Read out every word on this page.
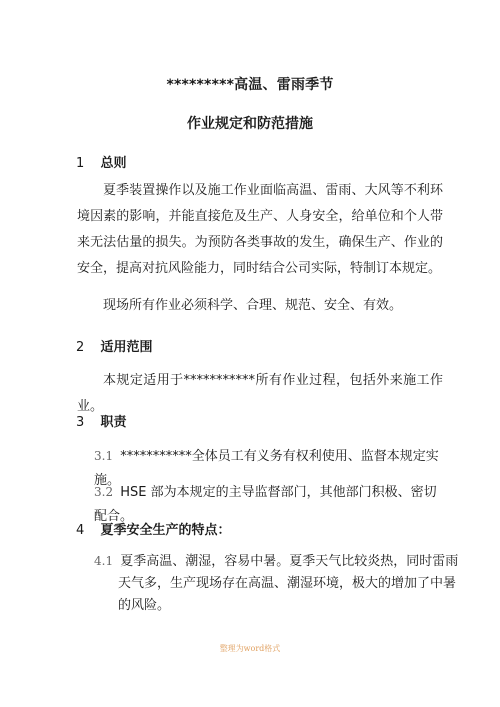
*********高温、雷雨季节
作业规定和防范措施
1 总则

夏季装置操作以及施工作业面临高温、雷雨、大风等不利环境因素的影响，并能直接危及生产、人身安全，给单位和个人带来无法估量的损失。为预防各类事故的发生，确保生产、作业的安全，提高对抗风险能力，同时结合公司实际，特制订本规定。

现场所有作业必须科学、合理、规范、安全、有效。

2 适用范围

本规定适用于***********所有作业过程，包括外来施工作业。

3 职责
3.1 ***********全体员工有义务有权利使用、监督本规定实施。
3.2 HSE 部为本规定的主导监督部门，其他部门积极、密切配合。
4 夏季安全生产的特点：
4.1 夏季高温、潮湿，容易中暑。夏季天气比较炎热，同时雷雨天气多，生产现场存在高温、潮湿环境，极大的增加了中暑的风险。
整理为word格式
